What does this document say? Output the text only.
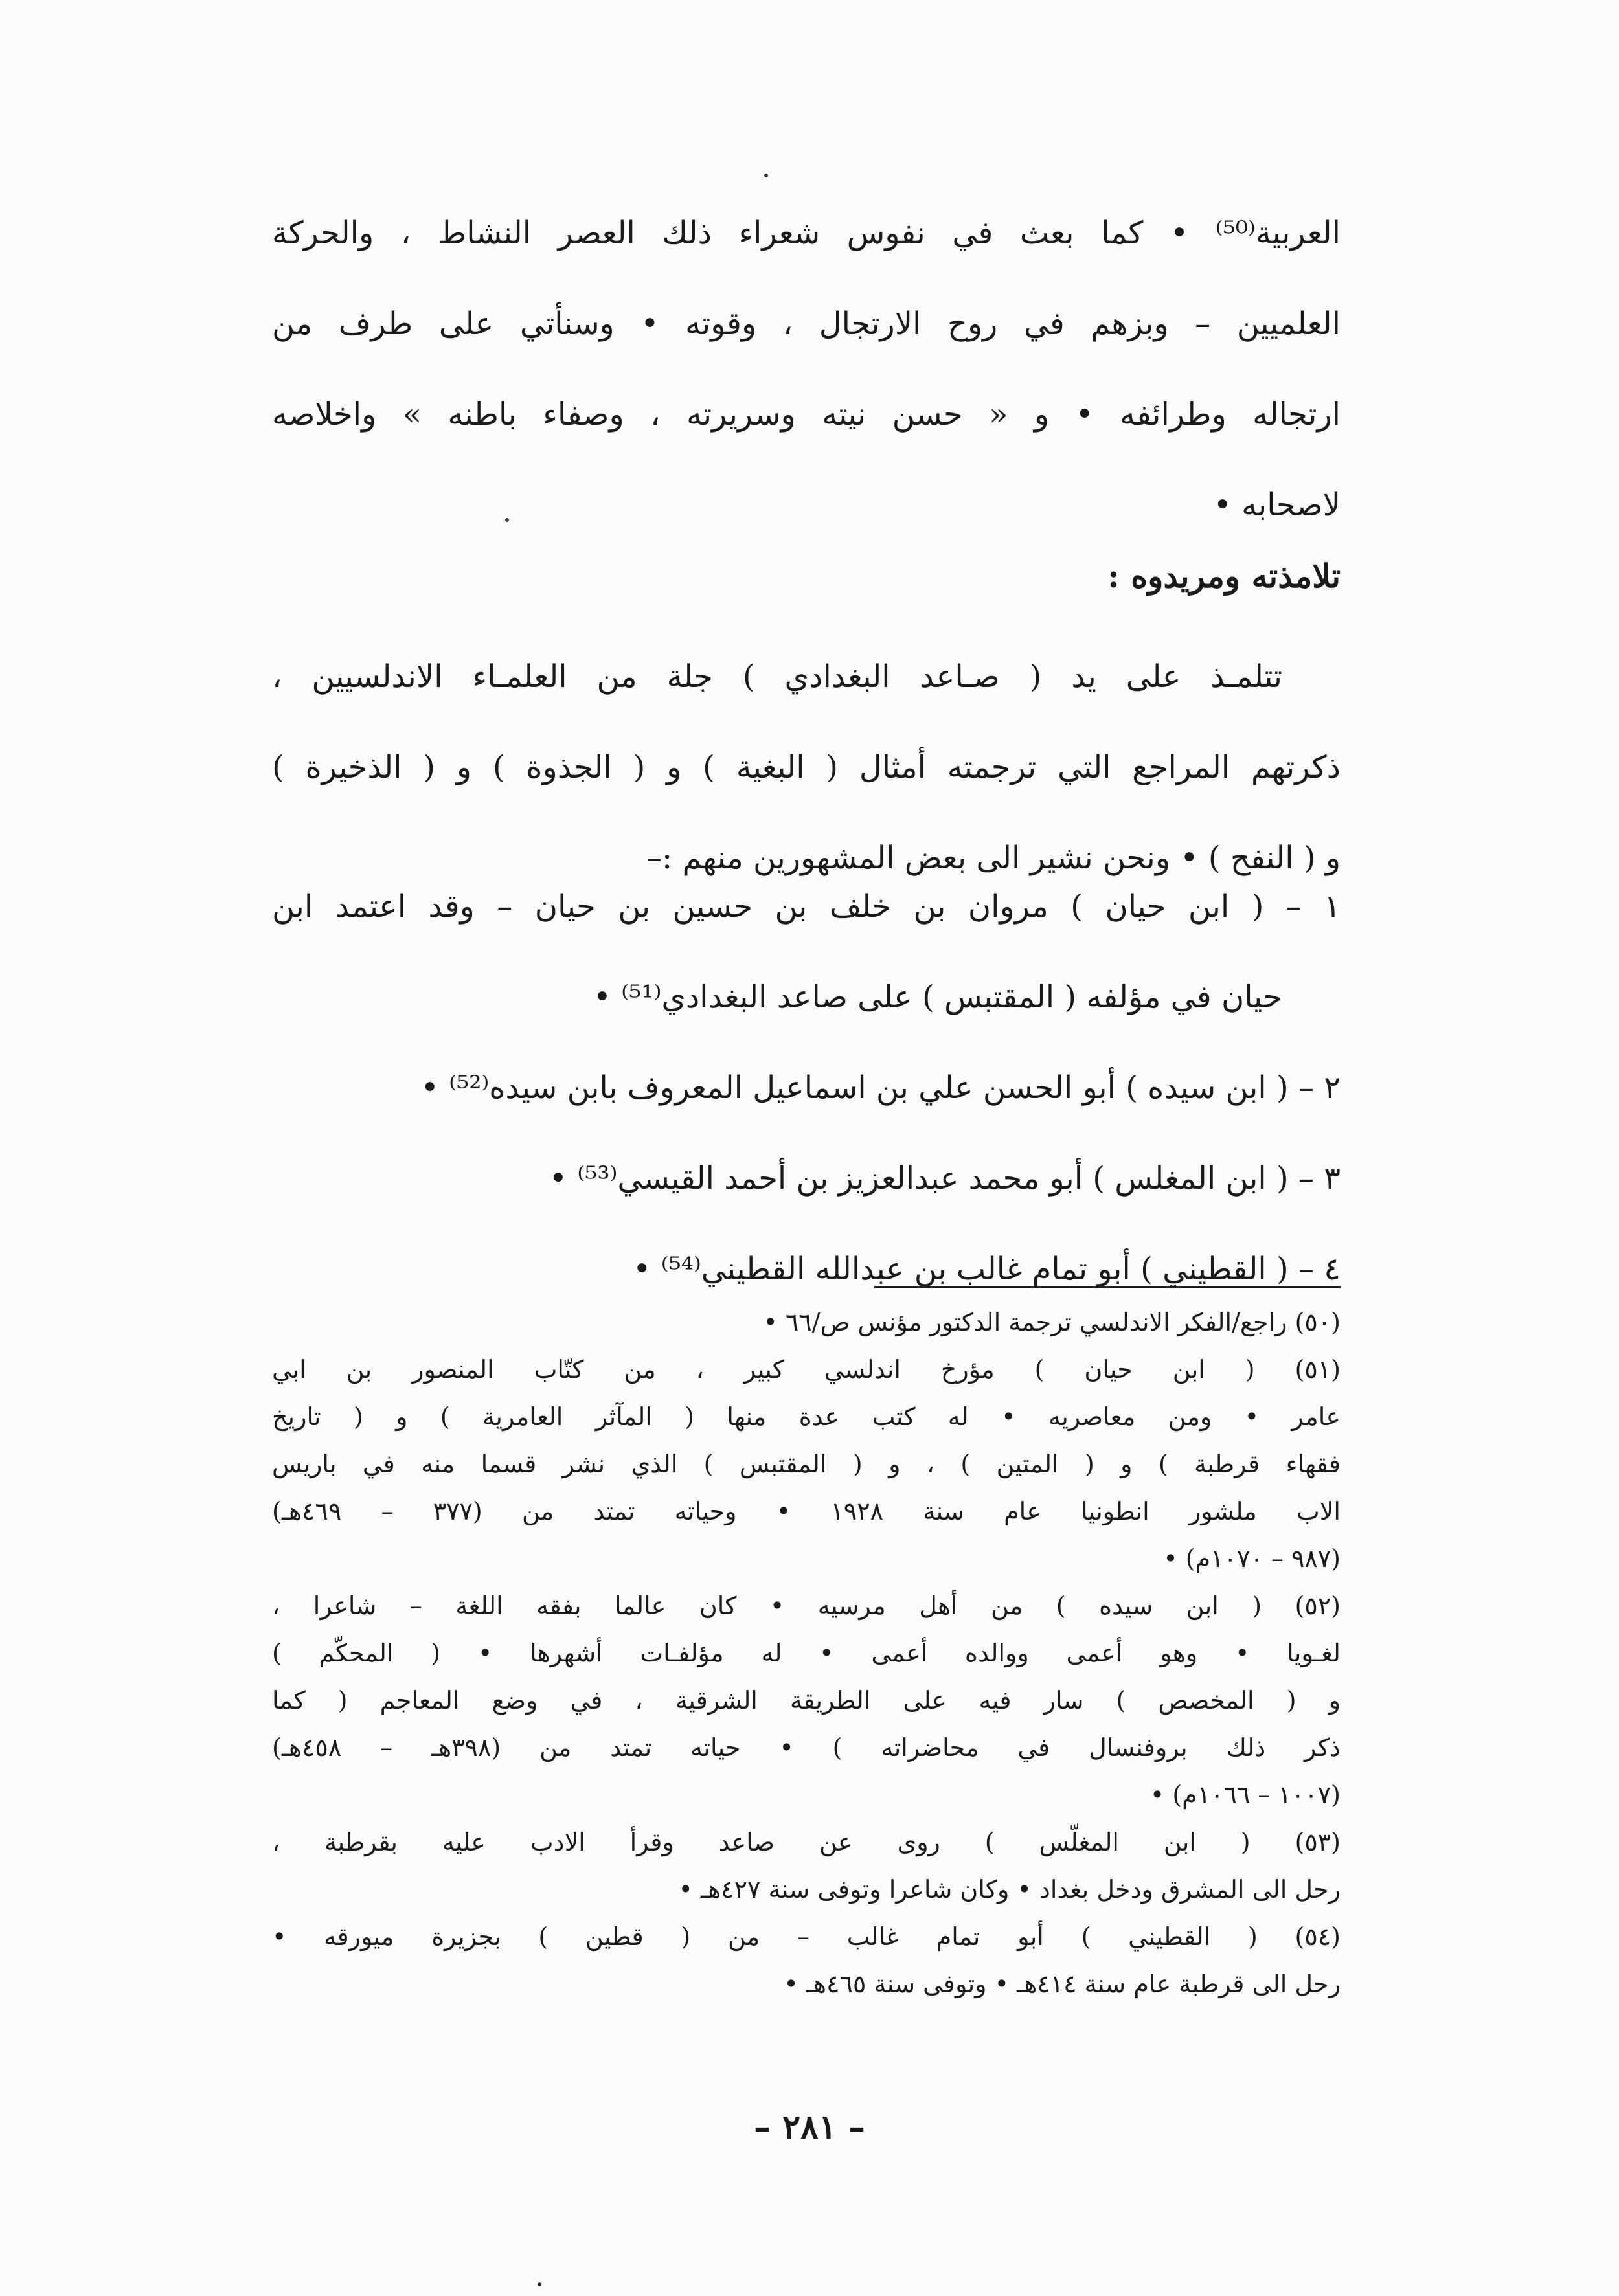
العربية⁽⁵⁰⁾ • كما بعث في نفوس شعراء ذلك العصر النشاط ، والحركة
العلميين – وبزهم في روح الارتجال ، وقوته • وسنأتي على طرف من
ارتجاله وطرائفه • و « حسن نيته وسريرته ، وصفاء باطنه » واخلاصه
لاصحابه •
تلامذته ومريدوه :
تتلمـذ على يد ( صـاعد البغدادي ) جلة من العلمـاء الاندلسيين ،
ذكرتهم المراجع التي ترجمته أمثال ( البغية ) و ( الجذوة ) و ( الذخيرة )
و ( النفح ) • ونحن نشير الى بعض المشهورين منهم :–
١ – ( ابن حيان ) مروان بن خلف بن حسين بن حيان – وقد اعتمد ابن
حيان في مؤلفه ( المقتبس ) على صاعد البغدادي⁽⁵¹⁾ •
٢ – ( ابن سيده ) أبو الحسن علي بن اسماعيل المعروف بابن سيده⁽⁵²⁾ •
٣ – ( ابن المغلس ) أبو محمد عبدالعزيز بن أحمد القيسي⁽⁵³⁾ •
٤ – ( القطيني ) أبو تمام غالب بن عبدالله القطيني⁽⁵⁴⁾ •
(٥٠) راجع/الفكر الاندلسي ترجمة الدكتور مؤنس ص/٦٦ •
(٥١) ( ابن حيان ) مؤرخ اندلسي كبير ، من كتّاب المنصور بن ابي
عامر • ومن معاصريه • له كتب عدة منها ( المآثر العامرية ) و ( تاريخ
فقهاء قرطبة ) و ( المتين ) ، و ( المقتبس ) الذي نشر قسما منه في باريس
الاب ملشور انطونيا عام سنة ١٩٢٨ • وحياته تمتد من (٣٧٧ – ٤٦٩هـ)
(٩٨٧ – ١٠٧٠م) •
(٥٢) ( ابن سيده ) من أهل مرسيه • كان عالما بفقه اللغة – شاعرا ،
لغـويا • وهو أعمى ووالده أعمى • له مؤلفـات أشهرها • ( المحكّم )
و ( المخصص ) سار فيه على الطريقة الشرقية ، في وضع المعاجم ( كما
ذكر ذلك بروفنسال في محاضراته ) • حياته تمتد من (٣٩٨هـ – ٤٥٨هـ)
(١٠٠٧ – ١٠٦٦م) •
(٥٣) ( ابن المغلّس ) روى عن صاعد وقرأ الادب عليه بقرطبة ،
رحل الى المشرق ودخل بغداد • وكان شاعرا وتوفى سنة ٤٢٧هـ •
(٥٤) ( القطيني ) أبو تمام غالب – من ( قطين ) بجزيرة ميورقه •
رحل الى قرطبة عام سنة ٤١٤هـ • وتوفى سنة ٤٦٥هـ •
– ٢٨١ –
